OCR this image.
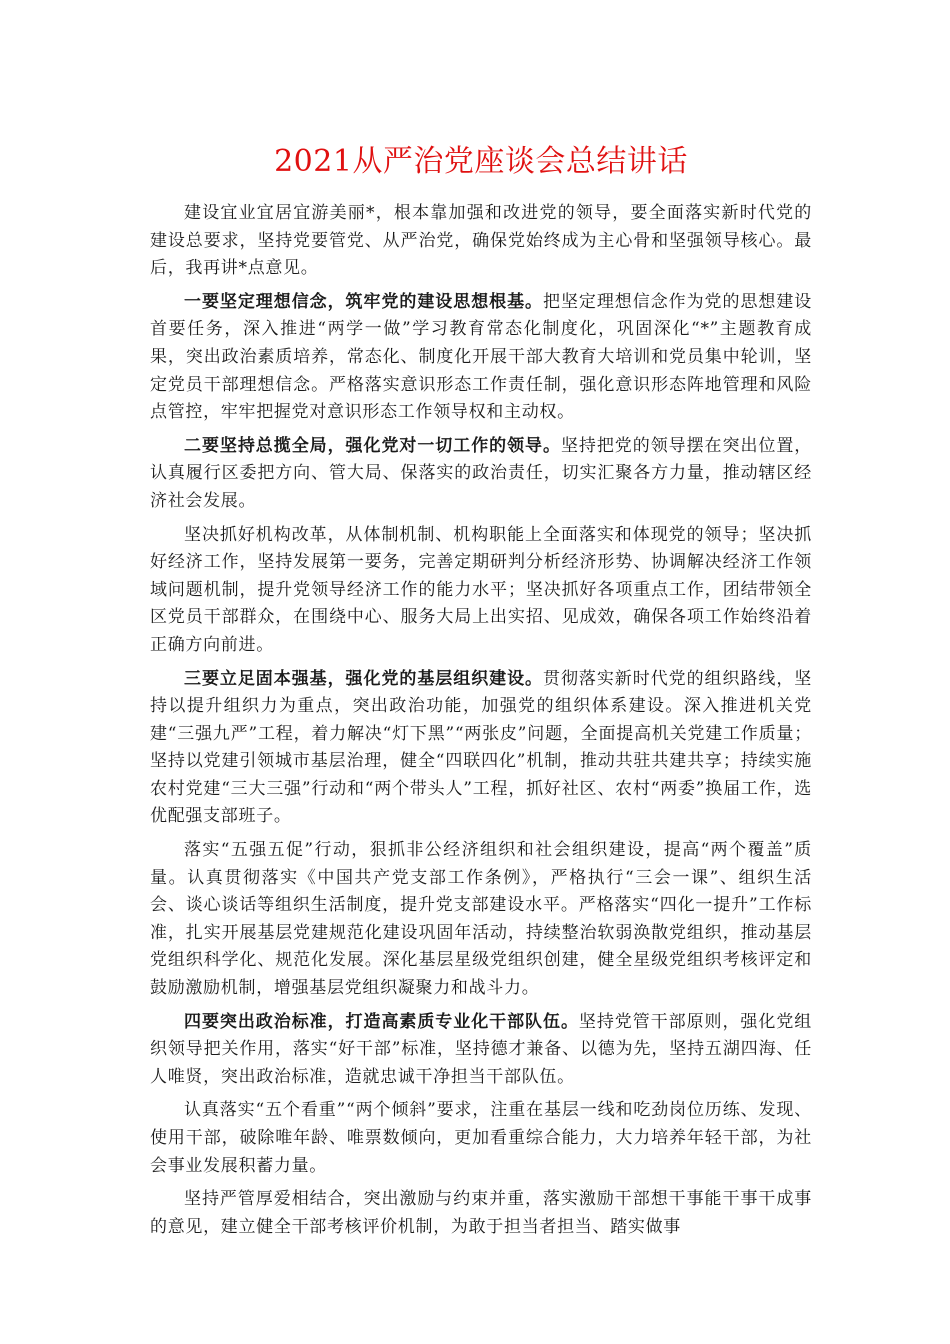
2021从严治党座谈会总结讲话

建设宜业宜居宜游美丽*，根本靠加强和改进党的领导，要全面落实新时代党的建设总要求，坚持党要管党、从严治党，确保党始终成为主心骨和坚强领导核心。最后，我再讲*点意见。

一要坚定理想信念，筑牢党的建设思想根基。把坚定理想信念作为党的思想建设首要任务，深入推进“两学一做”学习教育常态化制度化，巩固深化“*”主题教育成果，突出政治素质培养，常态化、制度化开展干部大教育大培训和党员集中轮训，坚定党员干部理想信念。严格落实意识形态工作责任制，强化意识形态阵地管理和风险点管控，牢牢把握党对意识形态工作领导权和主动权。

二要坚持总揽全局，强化党对一切工作的领导。坚持把党的领导摆在突出位置，认真履行区委把方向、管大局、保落实的政治责任，切实汇聚各方力量，推动辖区经济社会发展。

坚决抓好机构改革，从体制机制、机构职能上全面落实和体现党的领导；坚决抓好经济工作，坚持发展第一要务，完善定期研判分析经济形势、协调解决经济工作领域问题机制，提升党领导经济工作的能力水平；坚决抓好各项重点工作，团结带领全区党员干部群众，在围绕中心、服务大局上出实招、见成效，确保各项工作始终沿着正确方向前进。

三要立足固本强基，强化党的基层组织建设。贯彻落实新时代党的组织路线，坚持以提升组织力为重点，突出政治功能，加强党的组织体系建设。深入推进机关党建“三强九严”工程，着力解决“灯下黑”“两张皮”问题，全面提高机关党建工作质量；坚持以党建引领城市基层治理，健全“四联四化”机制，推动共驻共建共享；持续实施农村党建“三大三强”行动和“两个带头人”工程，抓好社区、农村“两委”换届工作，选优配强支部班子。

落实“五强五促”行动，狠抓非公经济组织和社会组织建设，提高“两个覆盖”质量。认真贯彻落实《中国共产党支部工作条例》，严格执行“三会一课”、组织生活会、谈心谈话等组织生活制度，提升党支部建设水平。严格落实“四化一提升”工作标准，扎实开展基层党建规范化建设巩固年活动，持续整治软弱涣散党组织，推动基层党组织科学化、规范化发展。深化基层星级党组织创建，健全星级党组织考核评定和鼓励激励机制，增强基层党组织凝聚力和战斗力。

四要突出政治标准，打造高素质专业化干部队伍。坚持党管干部原则，强化党组织领导把关作用，落实“好干部”标准，坚持德才兼备、以德为先，坚持五湖四海、任人唯贤，突出政治标准，造就忠诚干净担当干部队伍。

认真落实“五个看重”“两个倾斜”要求，注重在基层一线和吃劲岗位历练、发现、使用干部，破除唯年龄、唯票数倾向，更加看重综合能力，大力培养年轻干部，为社会事业发展积蓄力量。

坚持严管厚爱相结合，突出激励与约束并重，落实激励干部想干事能干事干成事的意见，建立健全干部考核评价机制，为敢于担当者担当、踏实做事
